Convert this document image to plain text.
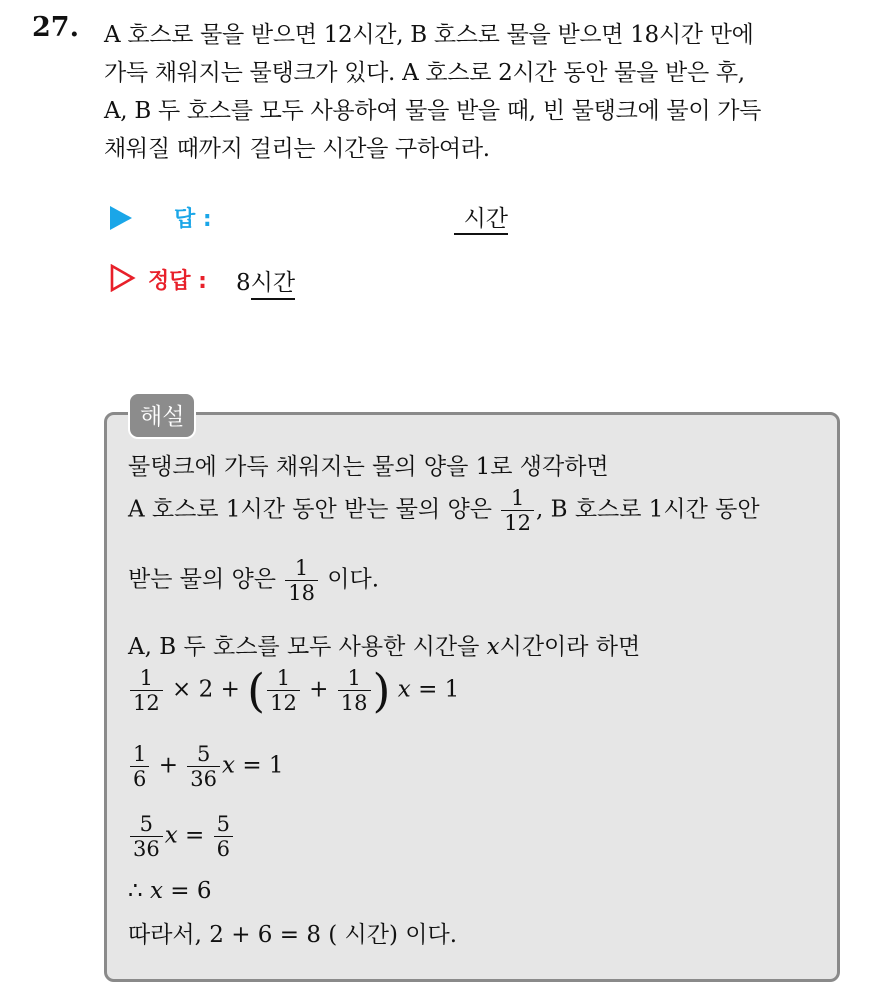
27. A 호스로 물을 받으면 12시간, B 호스로 물을 받으면 18시간 만에
가득 채워지는 물탱크가 있다. A 호스로 2시간 동안 물을 받은 후,
A, B 두 호스를 모두 사용하여 물을 받을 때, 빈 물탱크에 물이 가득
채워질 때까지 걸리는 시간을 구하여라.
답 :	시간
정답 : 8시간
해설
물탱크에 가득 채워지는 물의 양을 1로 생각하면
A 호스로 1시간 동안 받는 물의 양은 $\frac{1}{12}$ , B 호스로 1시간 동안
받는 물의 양은 $\frac{1}{18}$ 이다.
A, B 두 호스를 모두 사용한 시간을 x시간이라 하면
$\frac{1}{12} \times 2$ + ( $\frac{1}{12} + \frac{1}{18}$ ) x = 1
$\frac{1}{6} + \frac{5}{36}$ x = 1
$\frac{5}{36}$ $x = \frac{5}{6}$
∴ x = 6
따라서, 2 + 6 = 8 ( 시간) 이다.
